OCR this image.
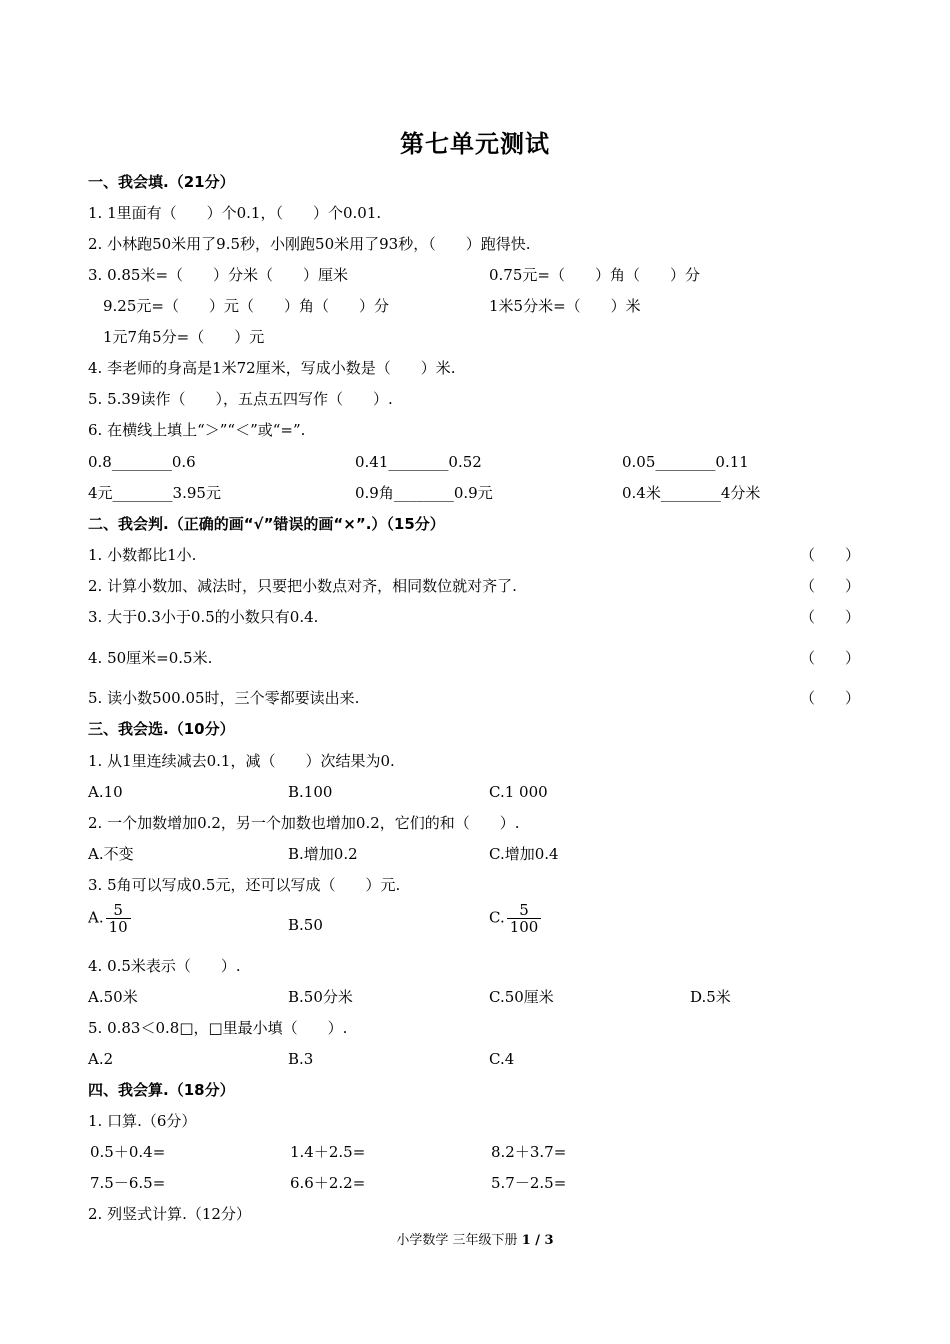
第七单元测试
一、我会填.（21分）
1. 1里面有（　　）个0.1，（　　）个0.01.
2. 小林跑50米用了9.5秒，小刚跑50米用了93秒，（　　）跑得快.
3. 0.85米=（　　）分米（　　）厘米	0.75元=（　　）角（　　）分
9.25元=（　　）元（　　）角（　　）分	1米5分米=（　　）米
1元7角5分=（　　）元
4. 李老师的身高是1米72厘米，写成小数是（　　）米.
5. 5.39读作（　　），五点五四写作（　　）.
6. 在横线上填上“＞”“＜”或“=”.
0.8________0.6	0.41________0.52	0.05________0.11
4元________3.95元	0.9角________0.9元	0.4米________4分米
二、我会判.（正确的画“√”错误的画“×”.）（15分）
1. 小数都比1小.	（　　）
2. 计算小数加、减法时，只要把小数点对齐，相同数位就对齐了.	（　　）
3. 大于0.3小于0.5的小数只有0.4.	（　　）
4. 50厘米=0.5米.	（　　）
5. 读小数500.05时，三个零都要读出来.	（　　）
三、我会选.（10分）
1. 从1里连续减去0.1，减（　　）次结果为0.
A.10	B.100	C.1 000
2. 一个加数增加0.2，另一个加数也增加0.2，它们的和（　　）.
A.不变	B.增加0.2	C.增加0.4
3. 5角可以写成0.5元，还可以写成（　　）元.
A. $\frac{5}{10}$	B.50	C. $\frac{5}{100}$
4. 0.5米表示（　　）.
A.50米	B.50分米	C.50厘米	D.5米
5. 0.83＜0.8□，□里最小填（　　）.
A.2	B.3	C.4
四、我会算.（18分）
1. 口算.（6分）
0.5＋0.4=	1.4＋2.5=	8.2＋3.7=
7.5－6.5=	6.6＋2.2=	5.7－2.5=
2. 列竖式计算.（12分）
小学数学 三年级下册 1 / 3
